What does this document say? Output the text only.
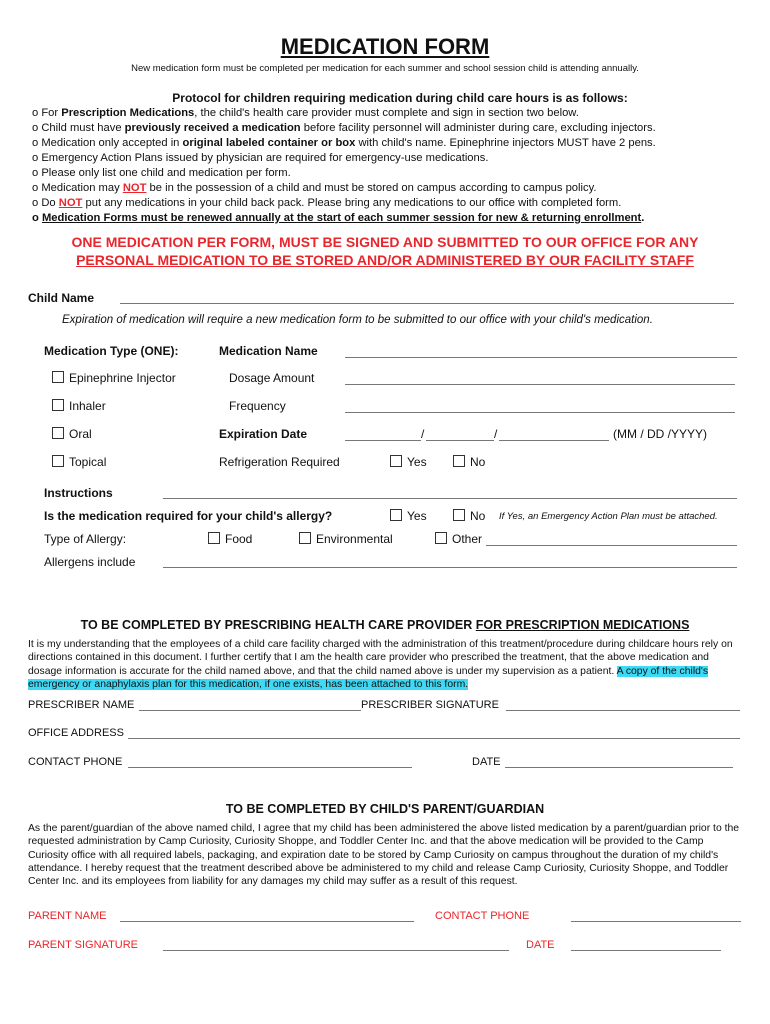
MEDICATION FORM
New medication form must be completed per medication for each summer and school session child is attending annually.
Protocol for children requiring medication during child care hours is as follows:
o For Prescription Medications, the child's health care provider must complete and sign in section two below.
o Child must have previously received a medication before facility personnel will administer during care, excluding injectors.
o Medication only accepted in original labeled container or box with child's name. Epinephrine injectors MUST have 2 pens.
o Emergency Action Plans issued by physician are required for emergency-use medications.
o Please only list one child and medication per form.
o Medication may NOT be in the possession of a child and must be stored on campus according to campus policy.
o Do NOT put any medications in your child back pack. Please bring any medications to our office with completed form.
o Medication Forms must be renewed annually at the start of each summer session for new & returning enrollment.
ONE MEDICATION PER FORM, MUST BE SIGNED AND SUBMITTED TO OUR OFFICE FOR ANY
PERSONAL MEDICATION TO BE STORED AND/OR ADMINISTERED BY OUR FACILITY STAFF
Child Name
Expiration of medication will require a new medication form to be submitted to our office with your child's medication.
Medication Type (ONE):	Medication Name
Epinephrine Injector	Dosage Amount
Inhaler	Frequency
Oral	Expiration Date	/	/	(MM / DD /YYYY)
Topical	Refrigeration Required	Yes	No
Instructions
Is the medication required for your child's allergy?	Yes	No If Yes, an Emergency Action Plan must be attached.
Type of Allergy:	Food	Environmental	Other
Allergens include
TO BE COMPLETED BY PRESCRIBING HEALTH CARE PROVIDER FOR PRESCRIPTION MEDICATIONS
It is my understanding that the employees of a child care facility charged with the administration of this treatment/procedure during childcare hours rely on directions contained in this document. I further certify that I am the health care provider who prescribed the treatment, that the above medication and dosage information is accurate for the child named above, and that the child named above is under my supervision as a patient. A copy of the child's emergency or anaphylaxis plan for this medication, if one exists, has been attached to this form.
PRESCRIBER NAME	PRESCRIBER SIGNATURE
OFFICE ADDRESS
CONTACT PHONE	DATE
TO BE COMPLETED BY CHILD'S PARENT/GUARDIAN
As the parent/guardian of the above named child, I agree that my child has been administered the above listed medication by a parent/guardian prior to the requested administration by Camp Curiosity, Curiosity Shoppe, and Toddler Center Inc. and that the above medication will be provided to the Camp Curiosity office with all required labels, packaging, and expiration date to be stored by Camp Curiosity on campus throughout the duration of my child's attendance. I hereby request that the treatment described above be administered to my child and release Camp Curiosity, Curiosity Shoppe, and Toddler Center Inc. and its employees from liability for any damages my child may suffer as a result of this request.
PARENT NAME	CONTACT PHONE
PARENT SIGNATURE	DATE
